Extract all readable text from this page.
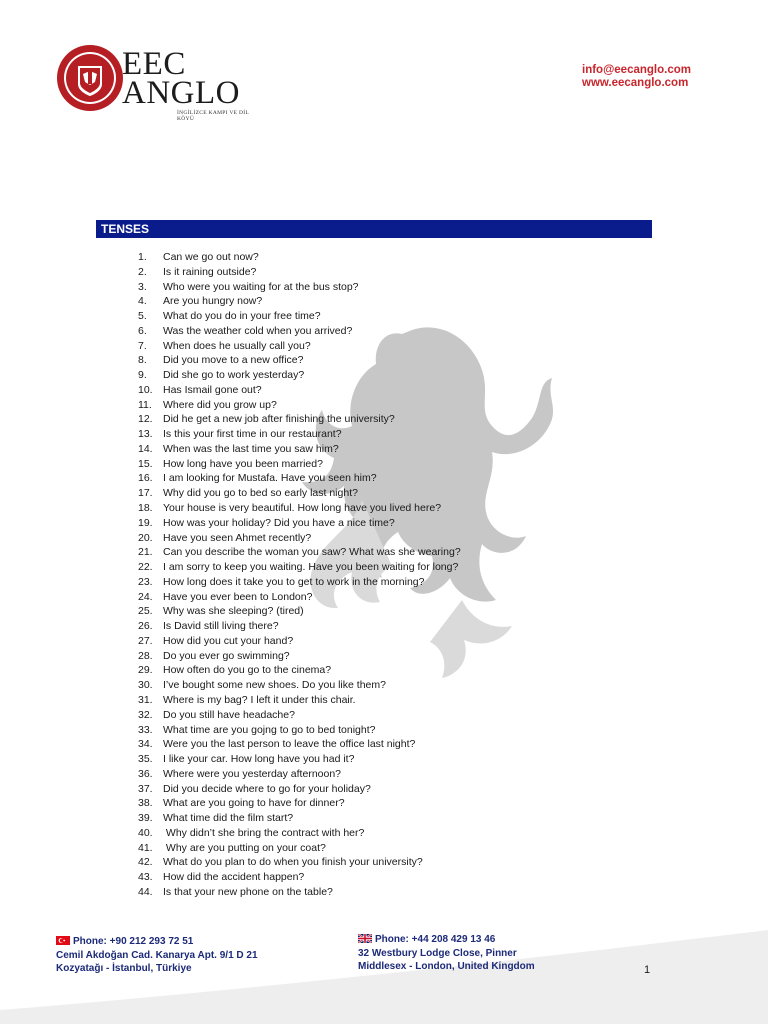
EEC
ANGLO
İNGİLİZCE KAMPI VE DİL KÖYÜ
info@eecanglo.com
www.eecanglo.com
TENSES
1. Can we go out now?
2. Is it raining outside?
3. Who were you waiting for at the bus stop?
4. Are you hungry now?
5. What do you do in your free time?
6. Was the weather cold when you arrived?
7. When does he usually call you?
8. Did you move to a new office?
9. Did she go to work yesterday?
10. Has Ismail gone out?
11. Where did you grow up?
12. Did he get a new job after finishing the university?
13. Is this your first time in our restaurant?
14. When was the last time you saw him?
15. How long have you been married?
16. I am looking for Mustafa. Have you seen him?
17. Why did you go to bed so early last night?
18. Your house is very beautiful. How long have you lived here?
19. How was your holiday? Did you have a nice time?
20. Have you seen Ahmet recently?
21. Can you describe the woman you saw? What was she wearing?
22. I am sorry to keep you waiting. Have you been waiting for long?
23. How long does it take you to get to work in the morning?
24. Have you ever been to London?
25. Why was she sleeping? (tired)
26. Is David still living there?
27. How did you cut your hand?
28. Do you ever go swimming?
29. How often do you go to the cinema?
30. I’ve bought some new shoes. Do you like them?
31. Where is my bag? I left it under this chair.
32. Do you still have headache?
33. What time are you gojng to go to bed tonight?
34. Were you the last person to leave the office last night?
35. I like your car. How long have you had it?
36. Where were you yesterday afternoon?
37. Did you decide where to go for your holiday?
38. What are you going to have for dinner?
39. What time did the film start?
40. Why didn’t she bring the contract with her?
41. Why are you putting on your coat?
42. What do you plan to do when you finish your university?
43. How did the accident happen?
44. Is that your new phone on the table?
Phone: +90 212 293 72 51
Cemil Akdoğan Cad. Kanarya Apt. 9/1 D 21
Kozyatağı - İstanbul, Türkiye
Phone: +44 208 429 13 46
32 Westbury Lodge Close, Pinner
Middlesex - London, United Kingdom	1
